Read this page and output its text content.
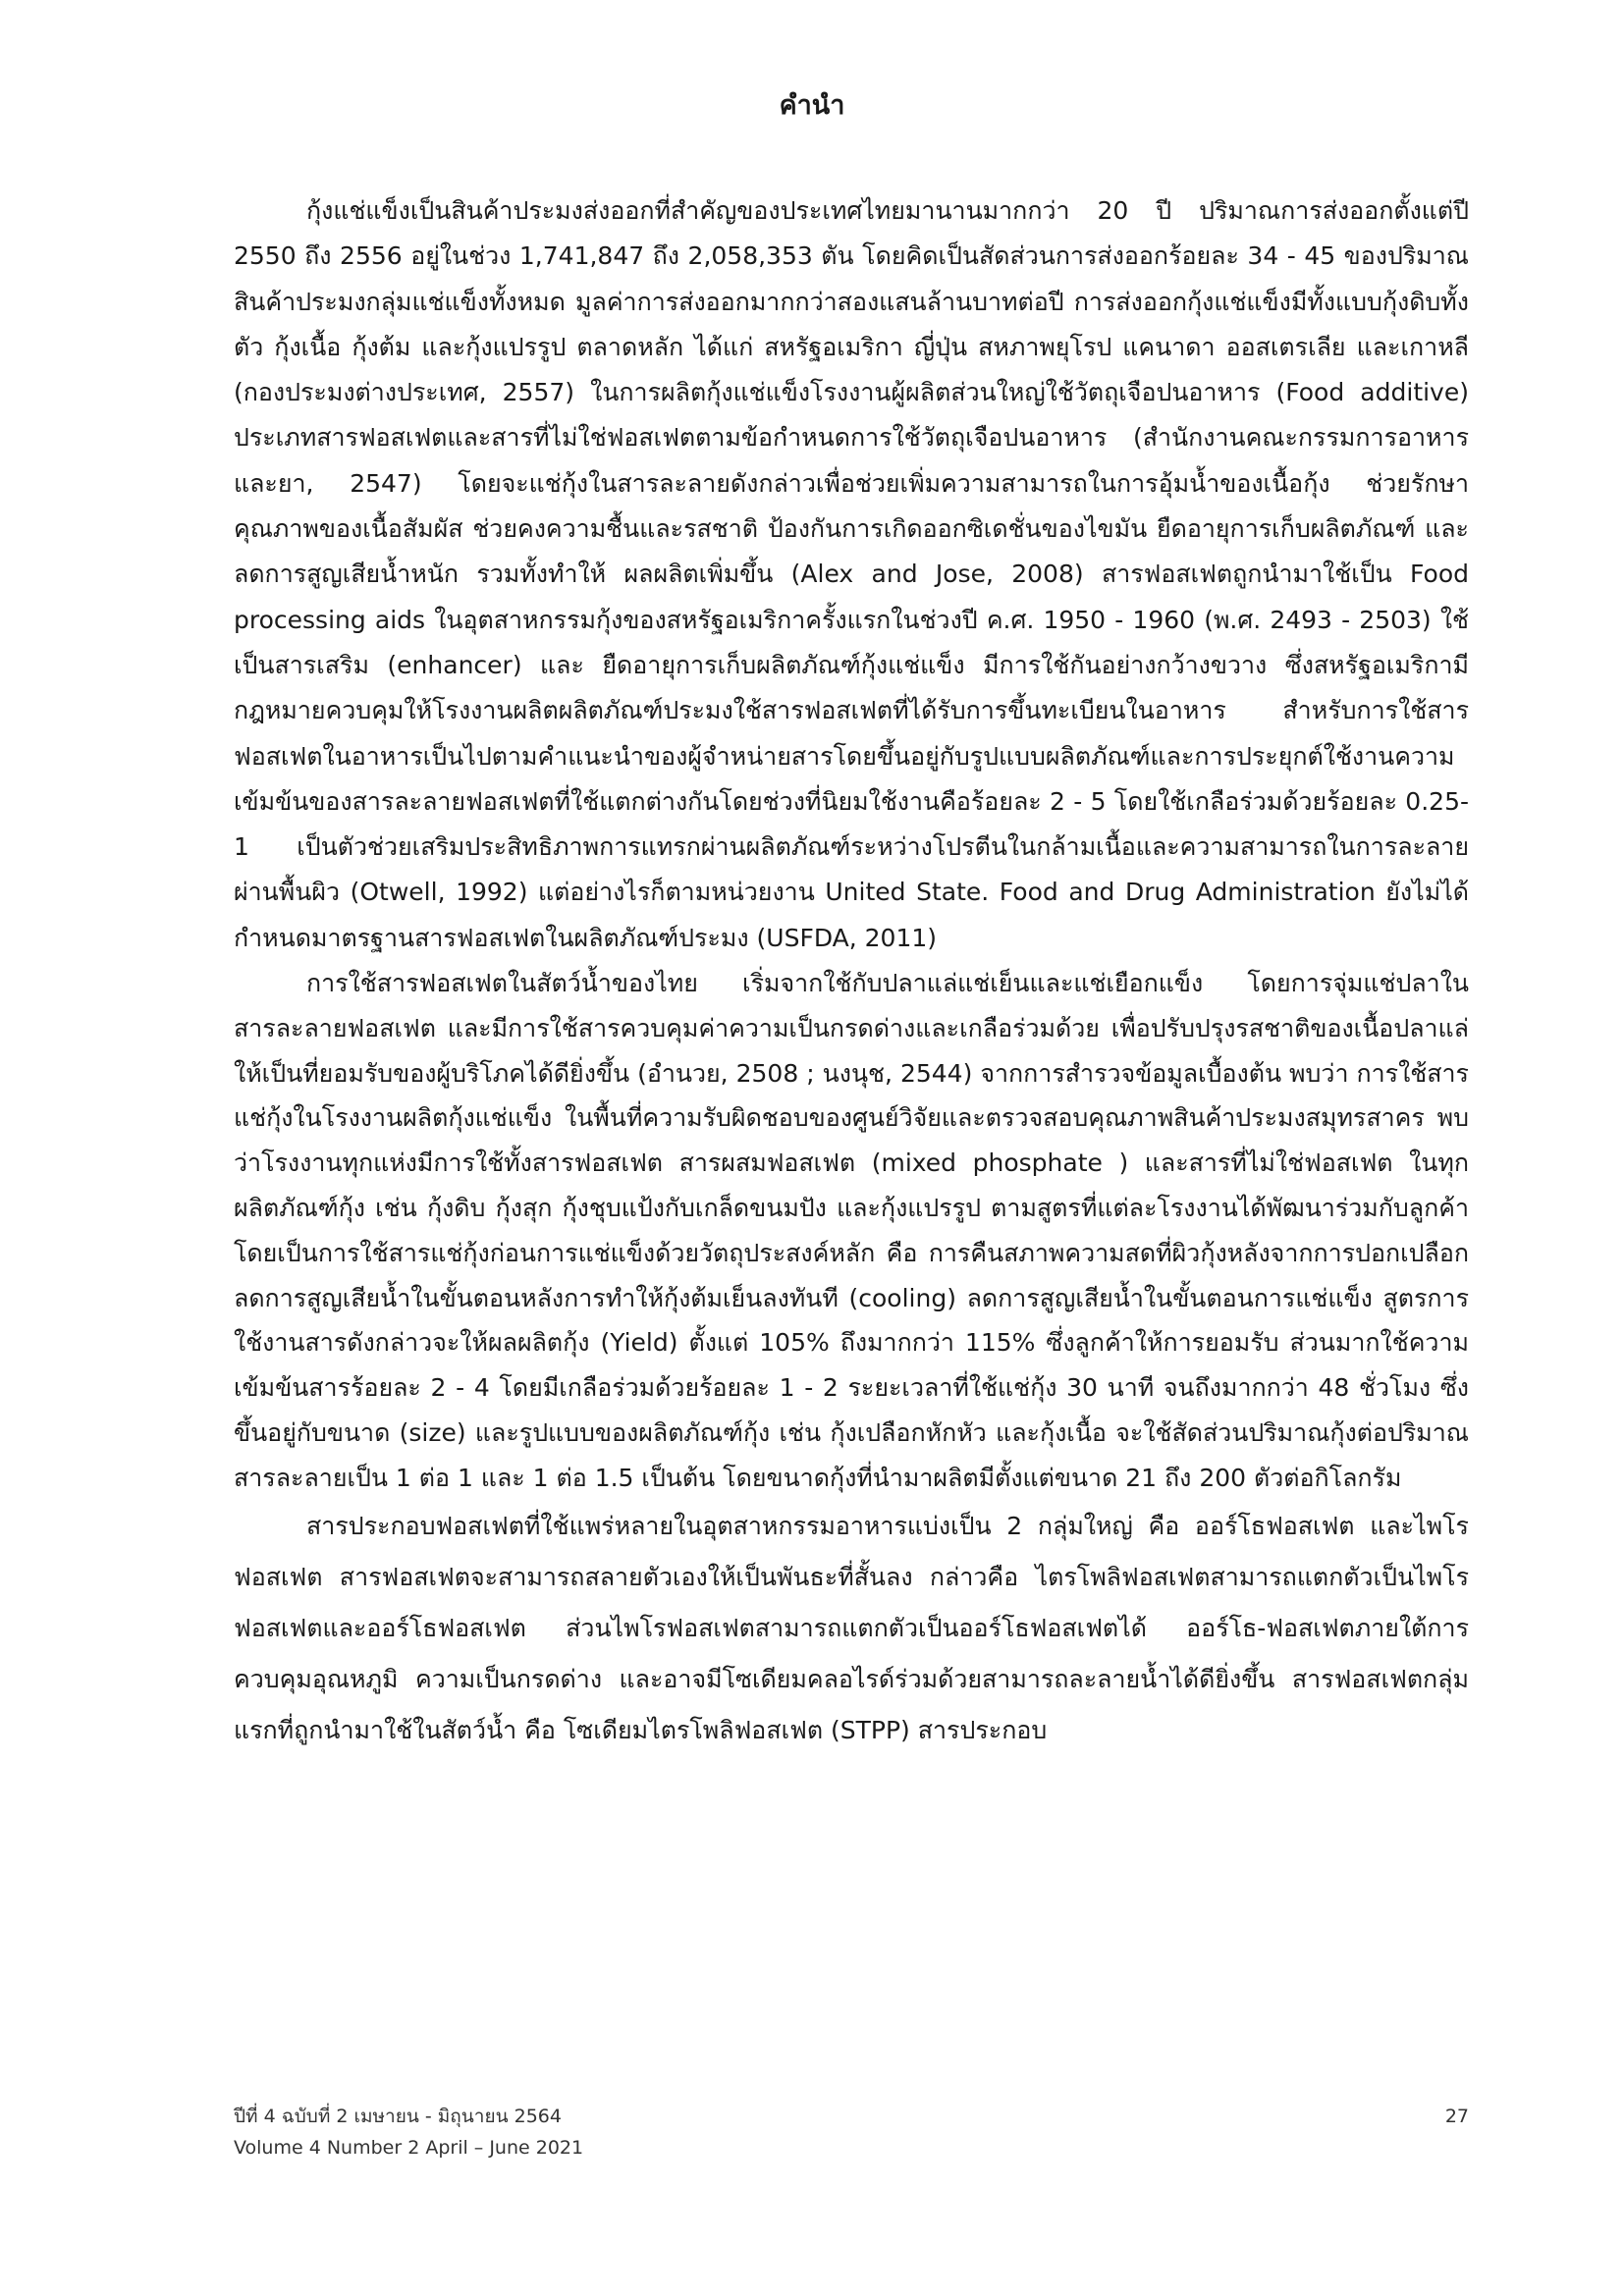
คำนำ

กุ้งแช่แข็งเป็นสินค้าประมงส่งออกที่สำคัญของประเทศไทยมานานมากกว่า 20 ปี ปริมาณการส่งออกตั้งแต่ปี 2550 ถึง 2556 อยู่ในช่วง 1,741,847 ถึง 2,058,353 ตัน โดยคิดเป็นสัดส่วนการส่งออกร้อยละ 34 - 45 ของปริมาณสินค้าประมงกลุ่มแช่แข็งทั้งหมด มูลค่าการส่งออกมากกว่าสองแสนล้านบาทต่อปี การส่งออกกุ้งแช่แข็งมีทั้งแบบกุ้งดิบทั้งตัว กุ้งเนื้อ กุ้งต้ม และกุ้งแปรรูป ตลาดหลัก ได้แก่ สหรัฐอเมริกา ญี่ปุ่น สหภาพยุโรป แคนาดา ออสเตรเลีย และเกาหลี (กองประมงต่างประเทศ, 2557) ในการผลิตกุ้งแช่แข็งโรงงานผู้ผลิตส่วนใหญ่ใช้วัตถุเจือปนอาหาร (Food additive) ประเภทสารฟอสเฟตและสารที่ไม่ใช่ฟอสเฟตตามข้อกำหนดการใช้วัตถุเจือปนอาหาร (สำนักงานคณะกรรมการอาหารและยา, 2547) โดยจะแช่กุ้งในสารละลายดังกล่าวเพื่อช่วยเพิ่มความสามารถในการอุ้มน้ำของเนื้อกุ้ง ช่วยรักษาคุณภาพของเนื้อสัมผัส ช่วยคงความชื้นและรสชาติ ป้องกันการเกิดออกซิเดชั่นของไขมัน ยืดอายุการเก็บผลิตภัณฑ์ และลดการสูญเสียน้ำหนัก รวมทั้งทำให้ ผลผลิตเพิ่มขึ้น (Alex and Jose, 2008) สารฟอสเฟตถูกนำมาใช้เป็น Food processing aids ในอุตสาหกรรมกุ้งของสหรัฐอเมริกาครั้งแรกในช่วงปี ค.ศ. 1950 - 1960 (พ.ศ. 2493 - 2503) ใช้เป็นสารเสริม (enhancer) และ ยืดอายุการเก็บผลิตภัณฑ์กุ้งแช่แข็ง มีการใช้กันอย่างกว้างขวาง ซึ่งสหรัฐอเมริกามีกฎหมายควบคุมให้โรงงานผลิตผลิตภัณฑ์ประมงใช้สารฟอสเฟตที่ได้รับการขึ้นทะเบียนในอาหาร สำหรับการใช้สารฟอสเฟตในอาหารเป็นไปตามคำแนะนำของผู้จำหน่ายสารโดยขึ้นอยู่กับรูปแบบผลิตภัณฑ์และการประยุกต์ใช้งานความเข้มข้นของสารละลายฟอสเฟตที่ใช้แตกต่างกันโดยช่วงที่นิยมใช้งานคือร้อยละ 2 - 5 โดยใช้เกลือร่วมด้วยร้อยละ 0.25-1 เป็นตัวช่วยเสริมประสิทธิภาพการแทรกผ่านผลิตภัณฑ์ระหว่างโปรตีนในกล้ามเนื้อและความสามารถในการละลายผ่านพื้นผิว (Otwell, 1992) แต่อย่างไรก็ตามหน่วยงาน United State. Food and Drug Administration ยังไม่ได้กำหนดมาตรฐานสารฟอสเฟตในผลิตภัณฑ์ประมง (USFDA, 2011)

การใช้สารฟอสเฟตในสัตว์น้ำของไทย เริ่มจากใช้กับปลาแล่แช่เย็นและแช่เยือกแข็ง โดยการจุ่มแช่ปลาในสารละลายฟอสเฟต และมีการใช้สารควบคุมค่าความเป็นกรดด่างและเกลือร่วมด้วย เพื่อปรับปรุงรสชาติของเนื้อปลาแล่ให้เป็นที่ยอมรับของผู้บริโภคได้ดียิ่งขึ้น (อำนวย, 2508 ; นงนุช, 2544) จากการสำรวจข้อมูลเบื้องต้น พบว่า การใช้สารแช่กุ้งในโรงงานผลิตกุ้งแช่แข็ง ในพื้นที่ความรับผิดชอบของศูนย์วิจัยและตรวจสอบคุณภาพสินค้าประมงสมุทรสาคร พบว่าโรงงานทุกแห่งมีการใช้ทั้งสารฟอสเฟต สารผสมฟอสเฟต (mixed phosphate ) และสารที่ไม่ใช่ฟอสเฟต ในทุกผลิตภัณฑ์กุ้ง เช่น กุ้งดิบ กุ้งสุก กุ้งชุบแป้งกับเกล็ดขนมปัง และกุ้งแปรรูป ตามสูตรที่แต่ละโรงงานได้พัฒนาร่วมกับลูกค้า โดยเป็นการใช้สารแช่กุ้งก่อนการแช่แข็งด้วยวัตถุประสงค์หลัก คือ การคืนสภาพความสดที่ผิวกุ้งหลังจากการปอกเปลือก ลดการสูญเสียน้ำในขั้นตอนหลังการทำให้กุ้งต้มเย็นลงทันที (cooling) ลดการสูญเสียน้ำในขั้นตอนการแช่แข็ง สูตรการใช้งานสารดังกล่าวจะให้ผลผลิตกุ้ง (Yield) ตั้งแต่ 105% ถึงมากกว่า 115% ซึ่งลูกค้าให้การยอมรับ ส่วนมากใช้ความเข้มข้นสารร้อยละ 2 - 4 โดยมีเกลือร่วมด้วยร้อยละ 1 - 2 ระยะเวลาที่ใช้แช่กุ้ง 30 นาที จนถึงมากกว่า 48 ชั่วโมง ซึ่งขึ้นอยู่กับขนาด (size) และรูปแบบของผลิตภัณฑ์กุ้ง เช่น กุ้งเปลือกหักหัว และกุ้งเนื้อ จะใช้สัดส่วนปริมาณกุ้งต่อปริมาณสารละลายเป็น 1 ต่อ 1 และ 1 ต่อ 1.5 เป็นต้น โดยขนาดกุ้งที่นำมาผลิตมีตั้งแต่ขนาด 21 ถึง 200 ตัวต่อกิโลกรัม

สารประกอบฟอสเฟตที่ใช้แพร่หลายในอุตสาหกรรมอาหารแบ่งเป็น 2 กลุ่มใหญ่ คือ ออร์โธฟอสเฟต และไพโรฟอสเฟต สารฟอสเฟตจะสามารถสลายตัวเองให้เป็นพันธะที่สั้นลง กล่าวคือ ไตรโพลิฟอสเฟตสามารถแตกตัวเป็นไพโรฟอสเฟตและออร์โธฟอสเฟต ส่วนไพโรฟอสเฟตสามารถแตกตัวเป็นออร์โธฟอสเฟตได้ ออร์โธ-ฟอสเฟตภายใต้การควบคุมอุณหภูมิ ความเป็นกรดด่าง และอาจมีโซเดียมคลอไรด์ร่วมด้วยสามารถละลายน้ำได้ดียิ่งขึ้น สารฟอสเฟตกลุ่มแรกที่ถูกนำมาใช้ในสัตว์น้ำ คือ โซเดียมไตรโพลิฟอสเฟต (STPP) สารประกอบ

ปีที่ 4 ฉบับที่ 2 เมษายน - มิถุนายน 2564
Volume 4 Number 2 April – June 2021
27
